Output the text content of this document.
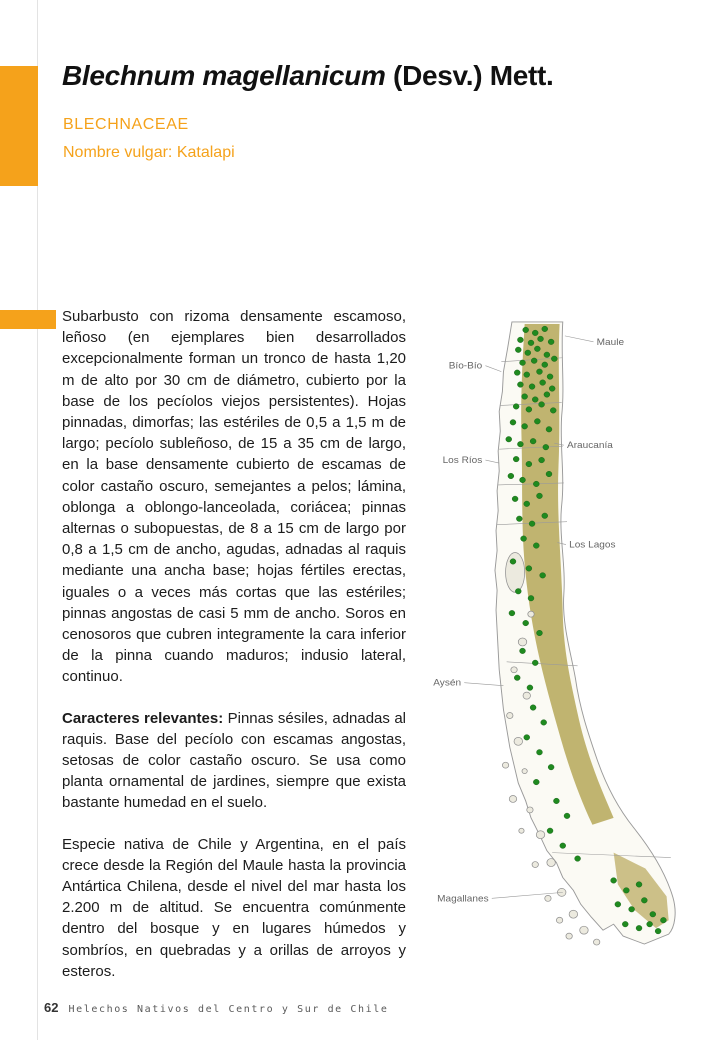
Blechnum magellanicum (Desv.) Mett.
BLECHNACEAE
Nombre vulgar: Katalapi

Subarbusto con rizoma densamente escamoso, leñoso (en ejemplares bien desarrollados excepcionalmente forman un tronco de hasta 1,20 m de alto por 30 cm de diámetro, cubierto por la base de los pecíolos viejos persistentes). Hojas pinnadas, dimorfas; las estériles de 0,5 a 1,5 m de largo; pecíolo subleñoso, de 15 a 35 cm de largo, en la base densamente cubierto de escamas de color castaño oscuro, semejantes a pelos; lámina, oblonga a oblongo-lanceolada, coriácea; pinnas alternas o subopuestas, de 8 a 15 cm de largo por 0,8 a 1,5 cm de ancho, agudas, adnadas al raquis mediante una ancha base; hojas fértiles erectas, iguales o a veces más cortas que las estériles; pinnas angostas de casi 5 mm de ancho. Soros en cenosoros que cubren integramente la cara inferior de la pinna cuando maduros; indusio lateral, continuo.

Caracteres relevantes: Pinnas sésiles, adnadas al raquis. Base del pecíolo con escamas angostas, setosas de color castaño oscuro. Se usa como planta ornamental de jardines, siempre que exista bastante humedad en el suelo.

Especie nativa de Chile y Argentina, en el país crece desde la Región del Maule hasta la provincia Antártica Chilena, desde el nivel del mar hasta los 2.200 m de altitud. Se encuentra comúnmente dentro del bosque y en lugares húmedos y sombríos, en quebradas y a orillas de arroyos y esteros.

Maule
Bío-Bío
Araucanía
Los Ríos
Los Lagos
Aysén
Magallanes
62 Helechos Nativos del Centro y Sur de Chile
